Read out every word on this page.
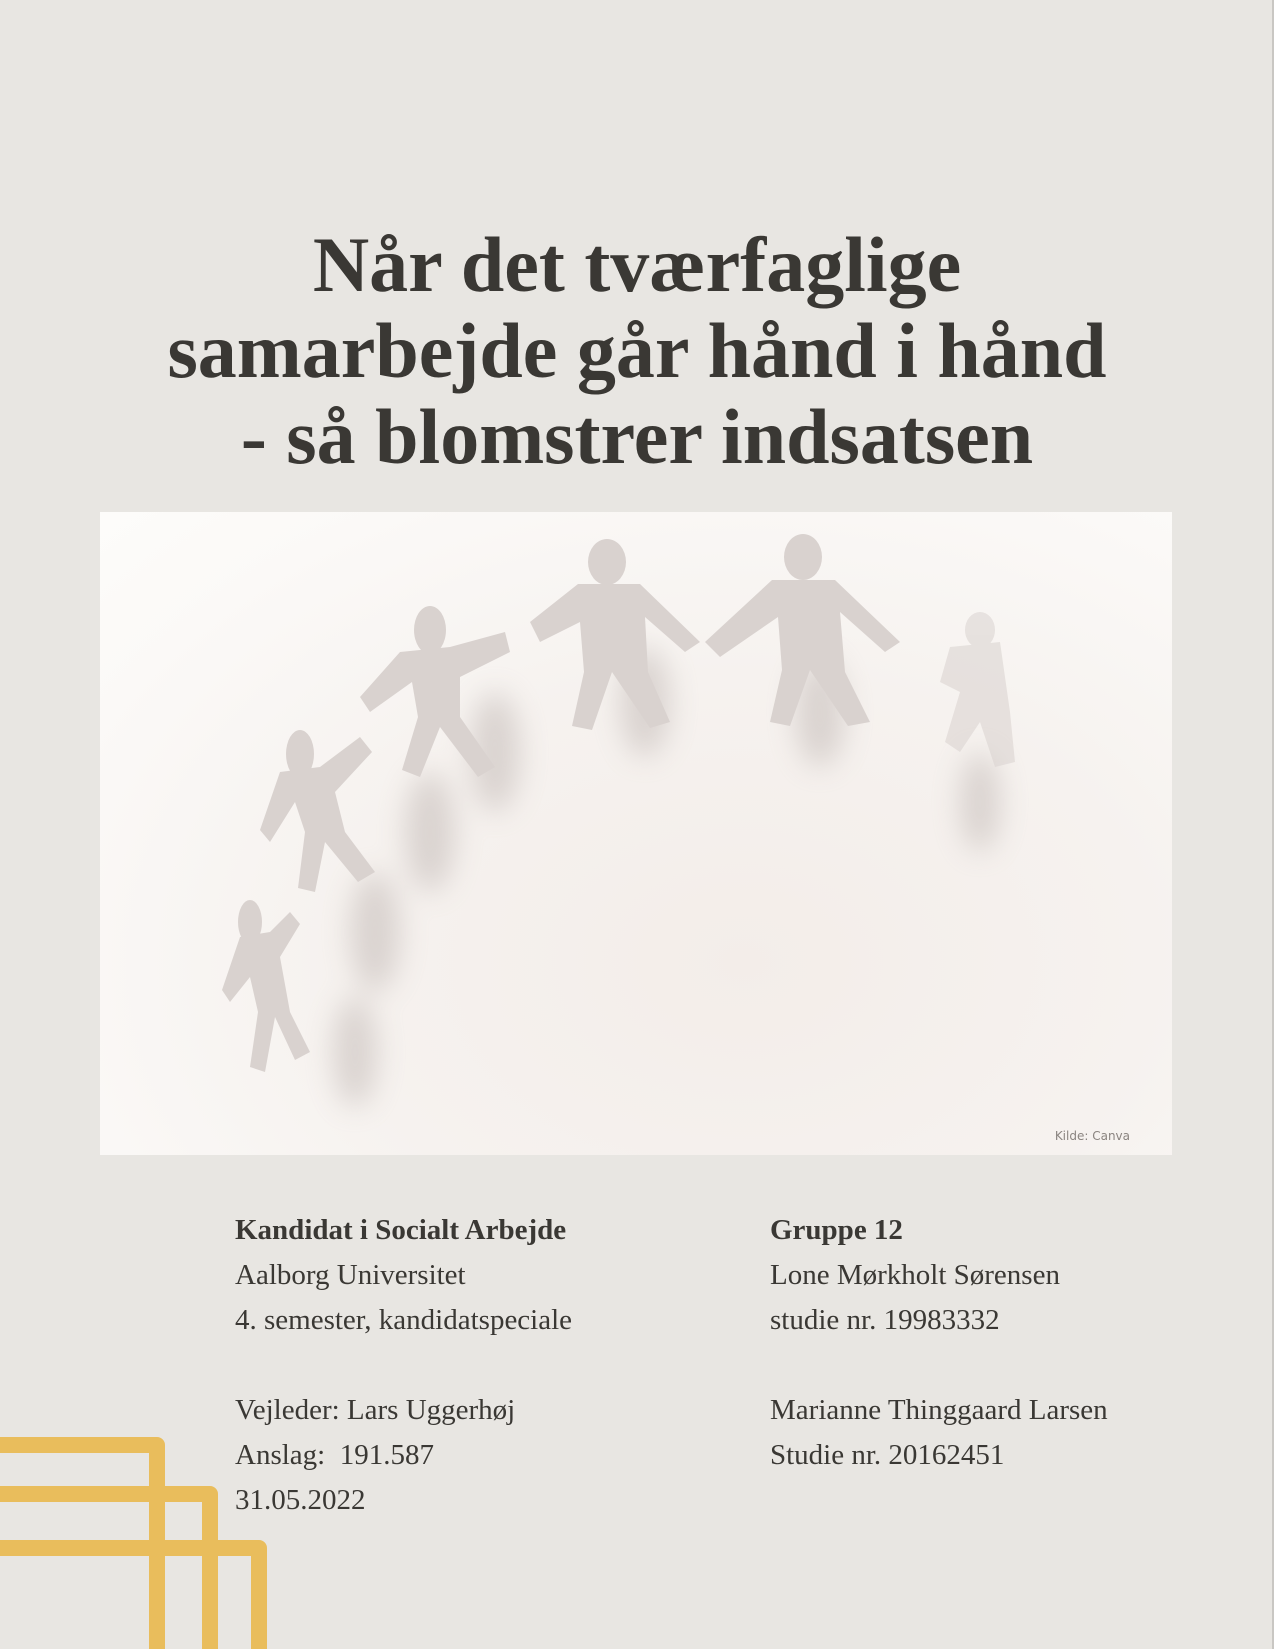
Når det tværfaglige
samarbejde går hånd i hånd
- så blomstrer indsatsen
Kilde: Canva
Kandidat i Socialt Arbejde
Aalborg Universitet
4. semester, kandidatspeciale
Vejleder: Lars Uggerhøj
Anslag:  191.587
31.05.2022
Gruppe 12
Lone Mørkholt Sørensen
studie nr. 19983332
Marianne Thinggaard Larsen
Studie nr. 20162451
